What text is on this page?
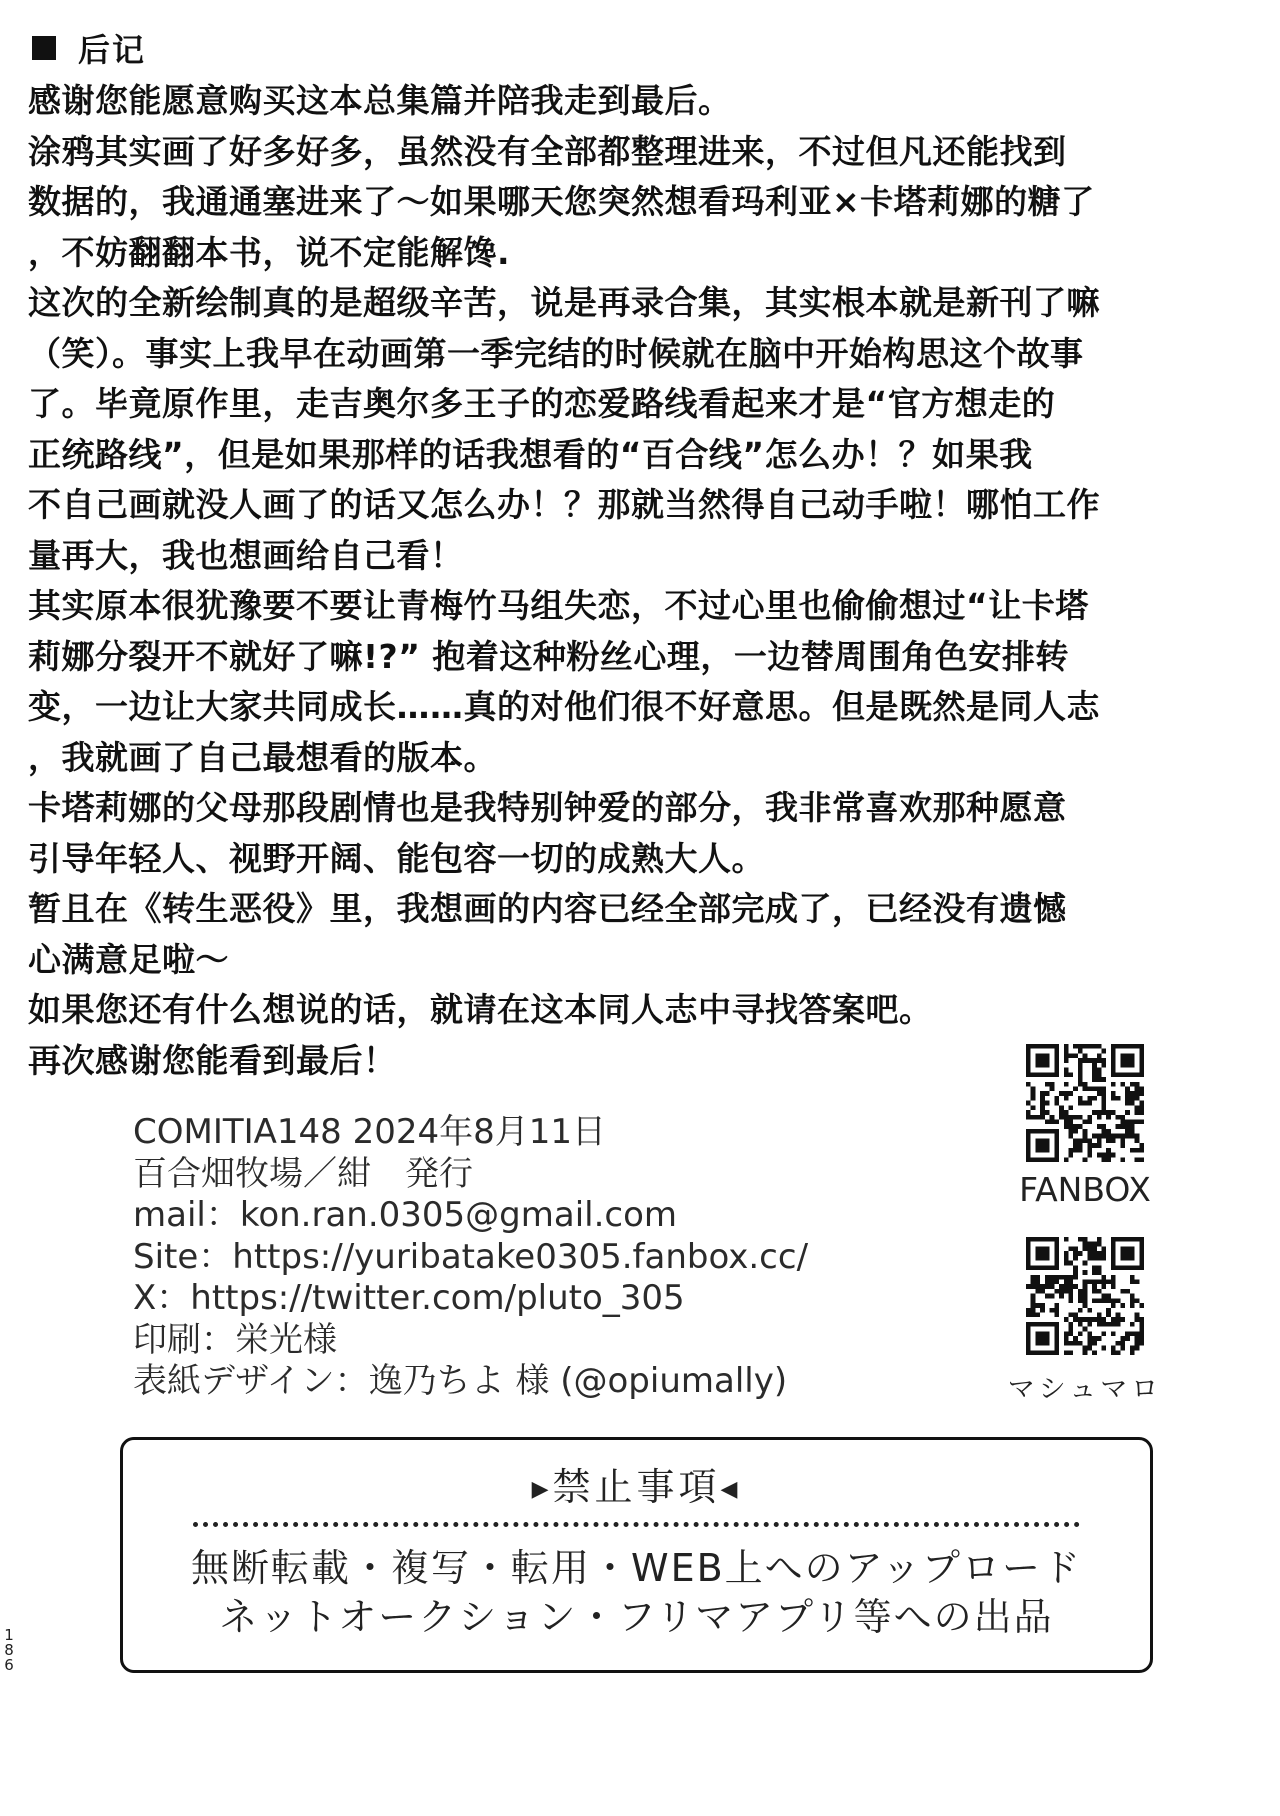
后记
感谢您能愿意购买这本总集篇并陪我走到最后。
涂鸦其实画了好多好多，虽然没有全部都整理进来，不过但凡还能找到
数据的，我通通塞进来了～如果哪天您突然想看玛利亚×卡塔莉娜的糖了
，不妨翻翻本书，说不定能解馋.
这次的全新绘制真的是超级辛苦，说是再录合集，其实根本就是新刊了嘛
（笑）。事实上我早在动画第一季完结的时候就在脑中开始构思这个故事
了。毕竟原作里，走吉奥尔多王子的恋爱路线看起来才是“官方想走的
正统路线”，但是如果那样的话我想看的“百合线”怎么办！？如果我
不自己画就没人画了的话又怎么办！？那就当然得自己动手啦！哪怕工作
量再大，我也想画给自己看！
其实原本很犹豫要不要让青梅竹马组失恋，不过心里也偷偷想过“让卡塔
莉娜分裂开不就好了嘛!?” 抱着这种粉丝心理，一边替周围角色安排转
变，一边让大家共同成长……真的对他们很不好意思。但是既然是同人志
，我就画了自己最想看的版本。
卡塔莉娜的父母那段剧情也是我特别钟爱的部分，我非常喜欢那种愿意
引导年轻人、视野开阔、能包容一切的成熟大人。
暂且在《转生恶役》里，我想画的内容已经全部完成了，已经没有遗憾
心满意足啦～
如果您还有什么想说的话，就请在这本同人志中寻找答案吧。
再次感谢您能看到最后！
COMITIA148 2024年8月11日
百合畑牧場／紺　発行
mail：kon.ran.0305@gmail.com
Site：https://yuribatake0305.fanbox.cc/
X：https://twitter.com/pluto_305
印刷：栄光様
表紙デザイン：逸乃ちよ 様 (@opiumally)
FANBOX
マシュマロ
▶禁止事項◀
無断転載・複写・転用・WEB上へのアップロード
ネットオークション・フリマアプリ等への出品
1
8
6
